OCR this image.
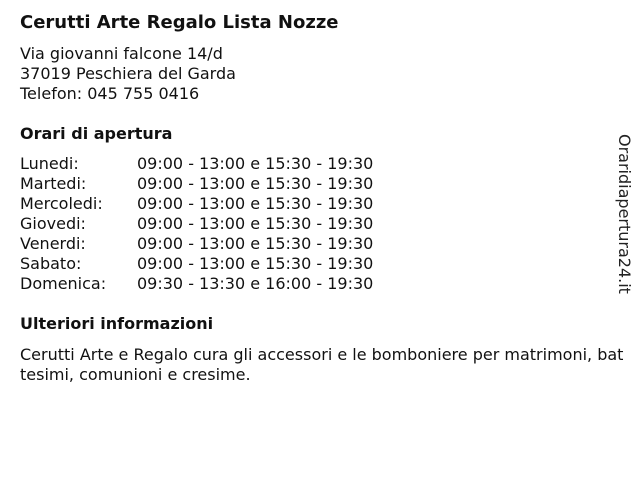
Cerutti Arte Regalo Lista Nozze
Via giovanni falcone 14/d
37019 Peschiera del Garda
Telefon: 045 755 0416
Orari di apertura
Lunedi:	09:00 - 13:00 e 15:30 - 19:30
Martedi:	09:00 - 13:00 e 15:30 - 19:30
Mercoledi: 09:00 - 13:00 e 15:30 - 19:30
Giovedi:	09:00 - 13:00 e 15:30 - 19:30
Venerdi:	09:00 - 13:00 e 15:30 - 19:30
Sabato:	09:00 - 13:00 e 15:30 - 19:30
Domenica: 09:30 - 13:30 e 16:00 - 19:30
Ulteriori informazioni
Cerutti Arte e Regalo cura gli accessori e le bomboniere per matrimoni, battesimi, comunioni e cresime.
Oraridiapertura24.it
